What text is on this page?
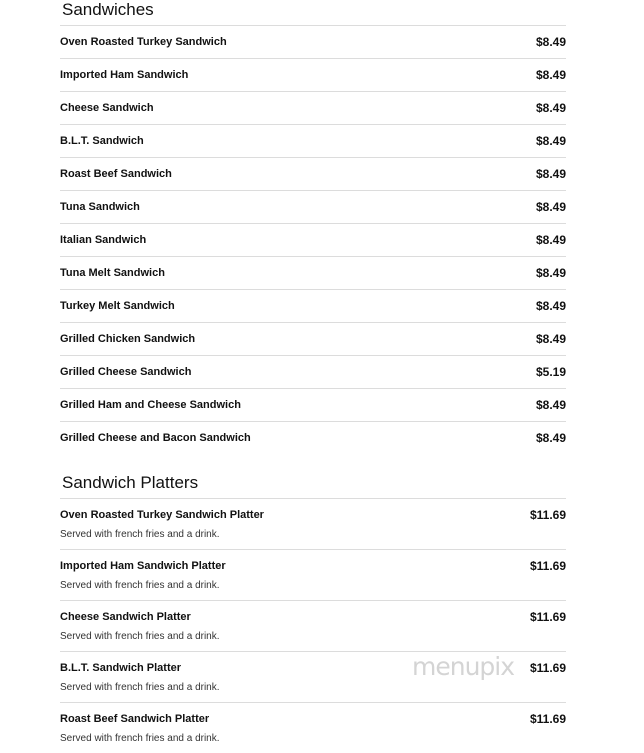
Sandwiches
Oven Roasted Turkey Sandwich	$8.49
Imported Ham Sandwich	$8.49
Cheese Sandwich	$8.49
B.L.T. Sandwich	$8.49
Roast Beef Sandwich	$8.49
Tuna Sandwich	$8.49
Italian Sandwich	$8.49
Tuna Melt Sandwich	$8.49
Turkey Melt Sandwich	$8.49
Grilled Chicken Sandwich	$8.49
Grilled Cheese Sandwich	$5.19
Grilled Ham and Cheese Sandwich	$8.49
Grilled Cheese and Bacon Sandwich	$8.49
Sandwich Platters
Oven Roasted Turkey Sandwich Platter
Served with french fries and a drink.
$11.69
Imported Ham Sandwich Platter
Served with french fries and a drink.
$11.69
Cheese Sandwich Platter
Served with french fries and a drink.
$11.69
B.L.T. Sandwich Platter
Served with french fries and a drink.
$11.69
Roast Beef Sandwich Platter
Served with french fries and a drink.
$11.69
menupix
